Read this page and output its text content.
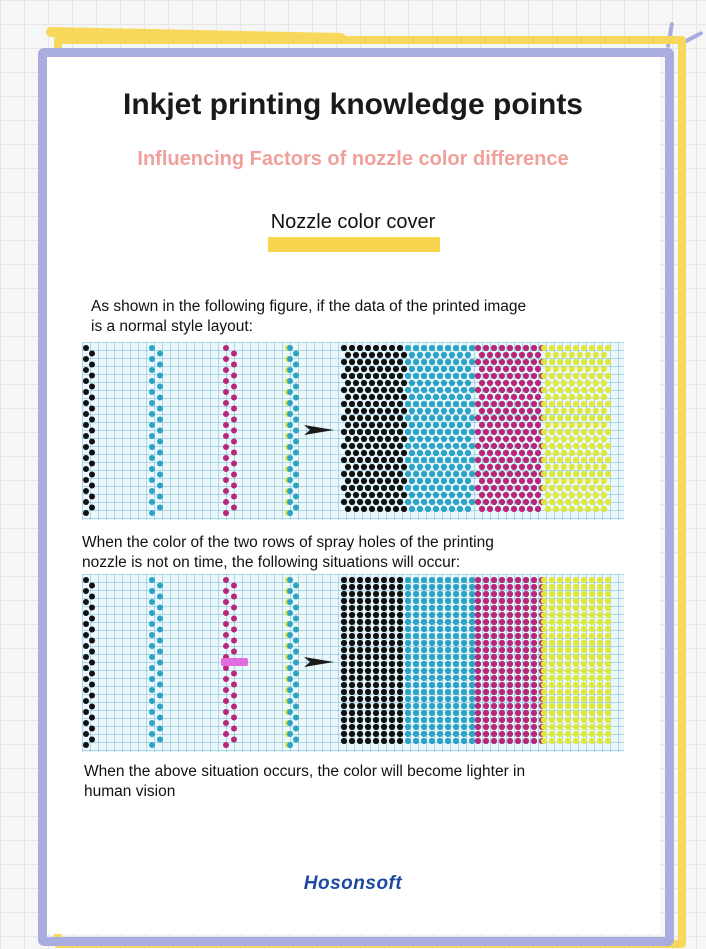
Inkjet printing knowledge points
Influencing Factors of nozzle color difference
Nozzle color cover
As shown in the following figure, if the data of the printed image
is a normal style layout:
When the color of the two rows of spray holes of the printing
nozzle is not on time, the following situations will occur:
When the above situation occurs, the color will become lighter in
human vision
Hosonsoft
